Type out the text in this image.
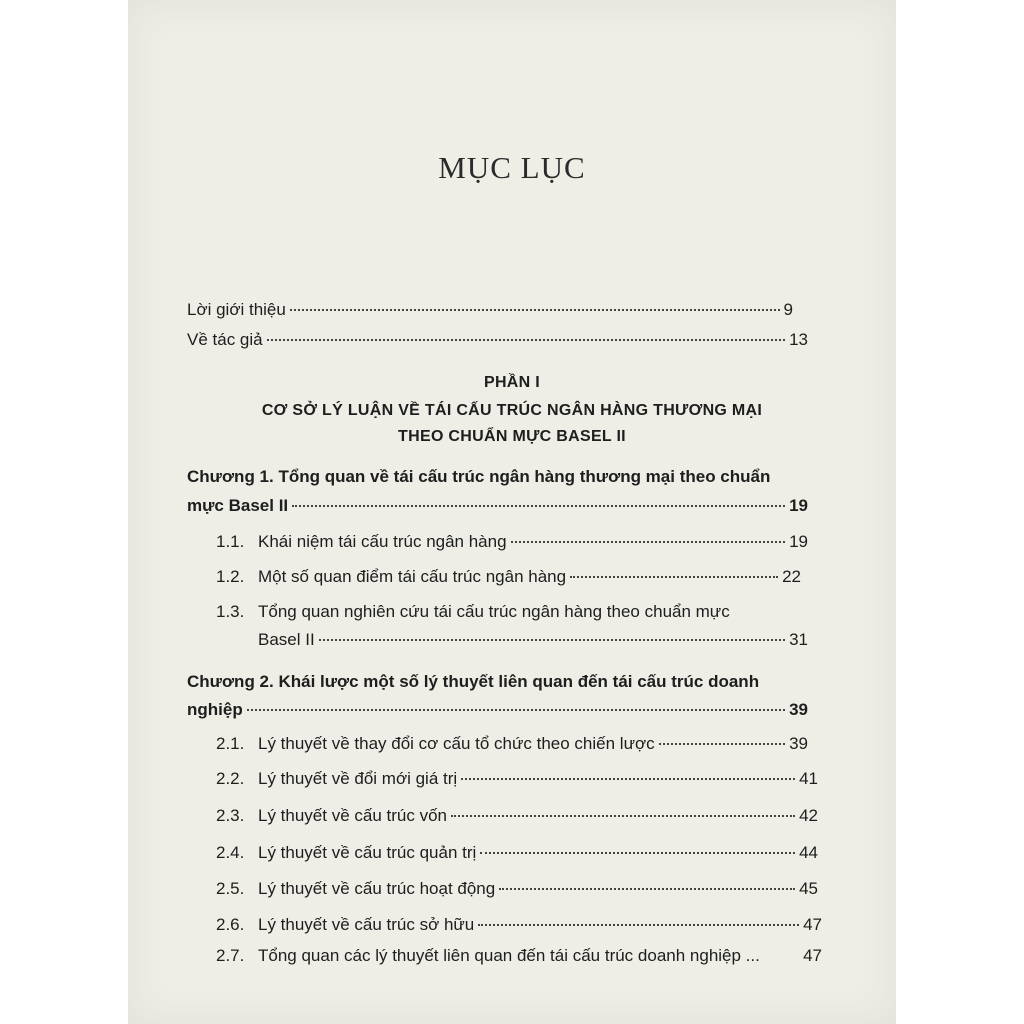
MỤC LỤC
Lời giới thiệu	9
Về tác giả	13
PHẦN I
CƠ SỞ LÝ LUẬN VỀ TÁI CẤU TRÚC NGÂN HÀNG THƯƠNG MẠI
THEO CHUẨN MỰC BASEL II
Chương 1. Tổng quan về tái cấu trúc ngân hàng thương mại theo chuẩn
mực Basel II	19
1.1. Khái niệm tái cấu trúc ngân hàng	19
1.2. Một số quan điểm tái cấu trúc ngân hàng	22
1.3. Tổng quan nghiên cứu tái cấu trúc ngân hàng theo chuẩn mực
Basel II	31
Chương 2. Khái lược một số lý thuyết liên quan đến tái cấu trúc doanh
nghiệp	39
2.1. Lý thuyết về thay đổi cơ cấu tổ chức theo chiến lược	39
2.2. Lý thuyết về đổi mới giá trị	41
2.3. Lý thuyết về cấu trúc vốn	42
2.4. Lý thuyết về cấu trúc quản trị	44
2.5. Lý thuyết về cấu trúc hoạt động	45
2.6. Lý thuyết về cấu trúc sở hữu	47
2.7. Tổng quan các lý thuyết liên quan đến tái cấu trúc doanh nghiệp ...	47
